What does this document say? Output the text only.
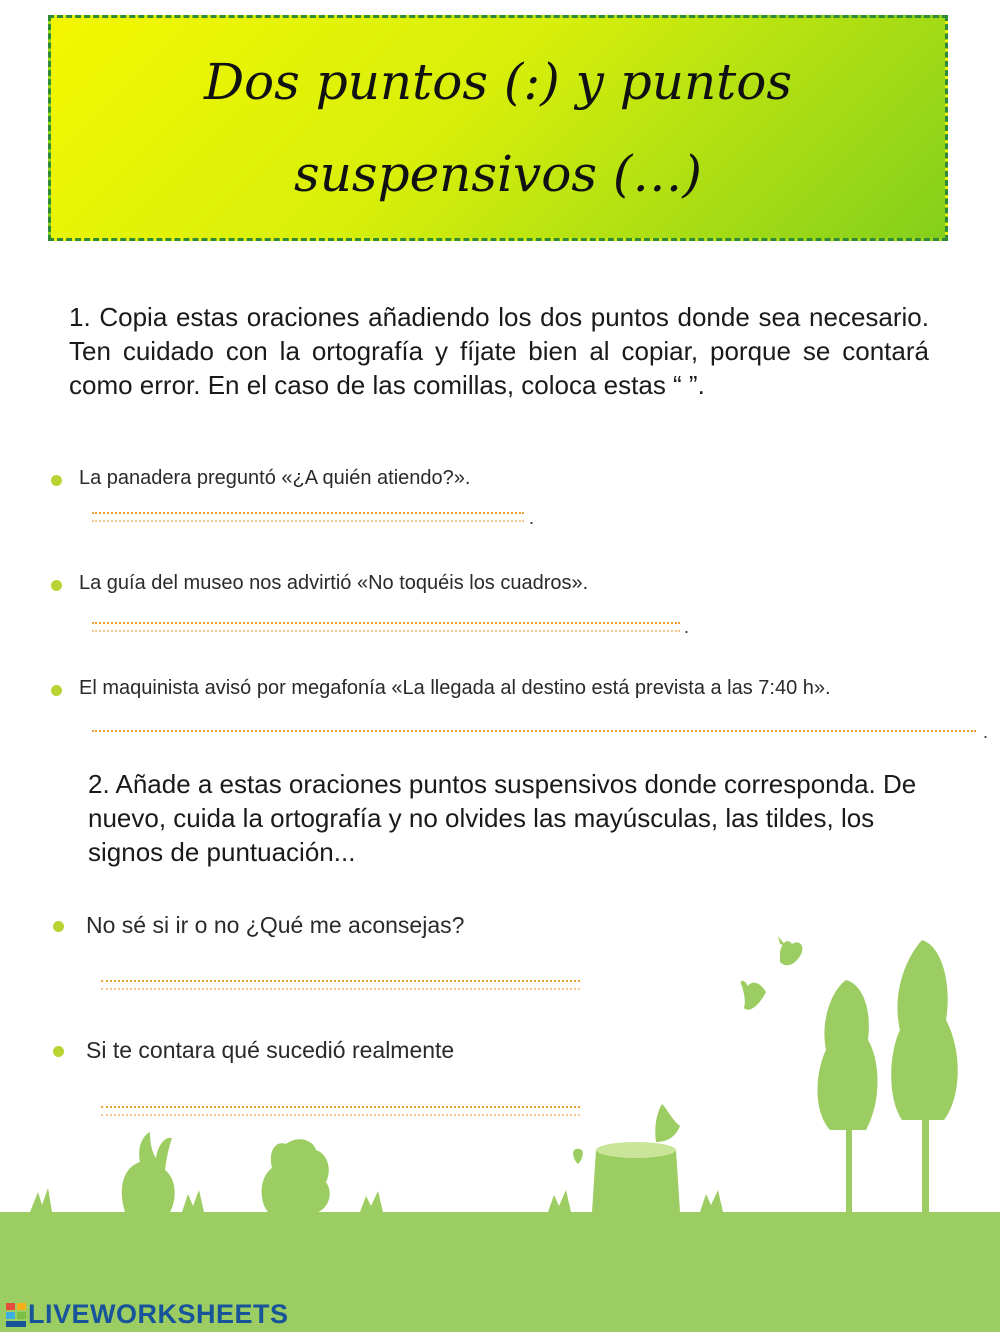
Dos puntos (:) y puntos
suspensivos (…)
1. Copia estas oraciones añadiendo los dos puntos donde sea necesario. Ten cuidado con la ortografía y fíjate bien al copiar, porque se contará como error. En el caso de las comillas, coloca estas “ ”.
La panadera preguntó «¿A quién atiendo?».
.
La guía del museo nos advirtió «No toquéis los cuadros».
.
El maquinista avisó por megafonía «La llegada al destino está prevista a las 7:40 h».
.
2. Añade a estas oraciones puntos suspensivos donde corresponda. De nuevo, cuida la ortografía y no olvides las mayúsculas, las tildes, los signos de puntuación...
No sé si ir o no ¿Qué me aconsejas?
Si te contara qué sucedió realmente
LIVEWORKSHEETS
